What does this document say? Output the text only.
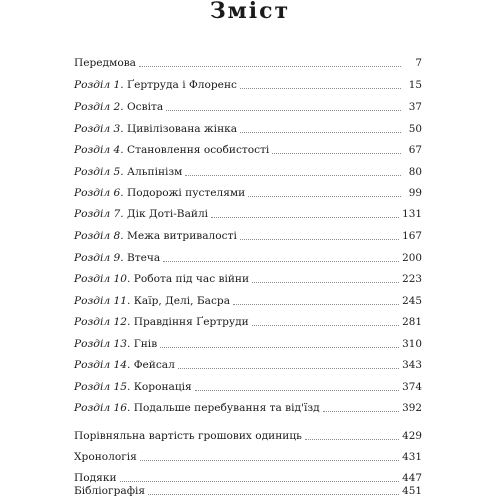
Зміст
Передмова	7
Розділ 1. Ґертруда і Флоренс	15
Розділ 2. Освіта	37
Розділ 3. Цивілізована жінка	50
Розділ 4. Становлення особистості	67
Розділ 5. Альпінізм	80
Розділ 6. Подорожі пустелями	99
Розділ 7. Дік Доті-Вайлі	131
Розділ 8. Межа витривалості	167
Розділ 9. Втеча	200
Розділ 10. Робота під час війни	223
Розділ 11. Каїр, Делі, Басра	245
Розділ 12. Правдіння Ґертруди	281
Розділ 13. Гнів	310
Розділ 14. Фейсал	343
Розділ 15. Коронація	374
Розділ 16. Подальше перебування та від'їзд	392
Порівняльна вартість грошових одиниць	429
Хронологія	431
Подяки	447
Бібліографія	451
